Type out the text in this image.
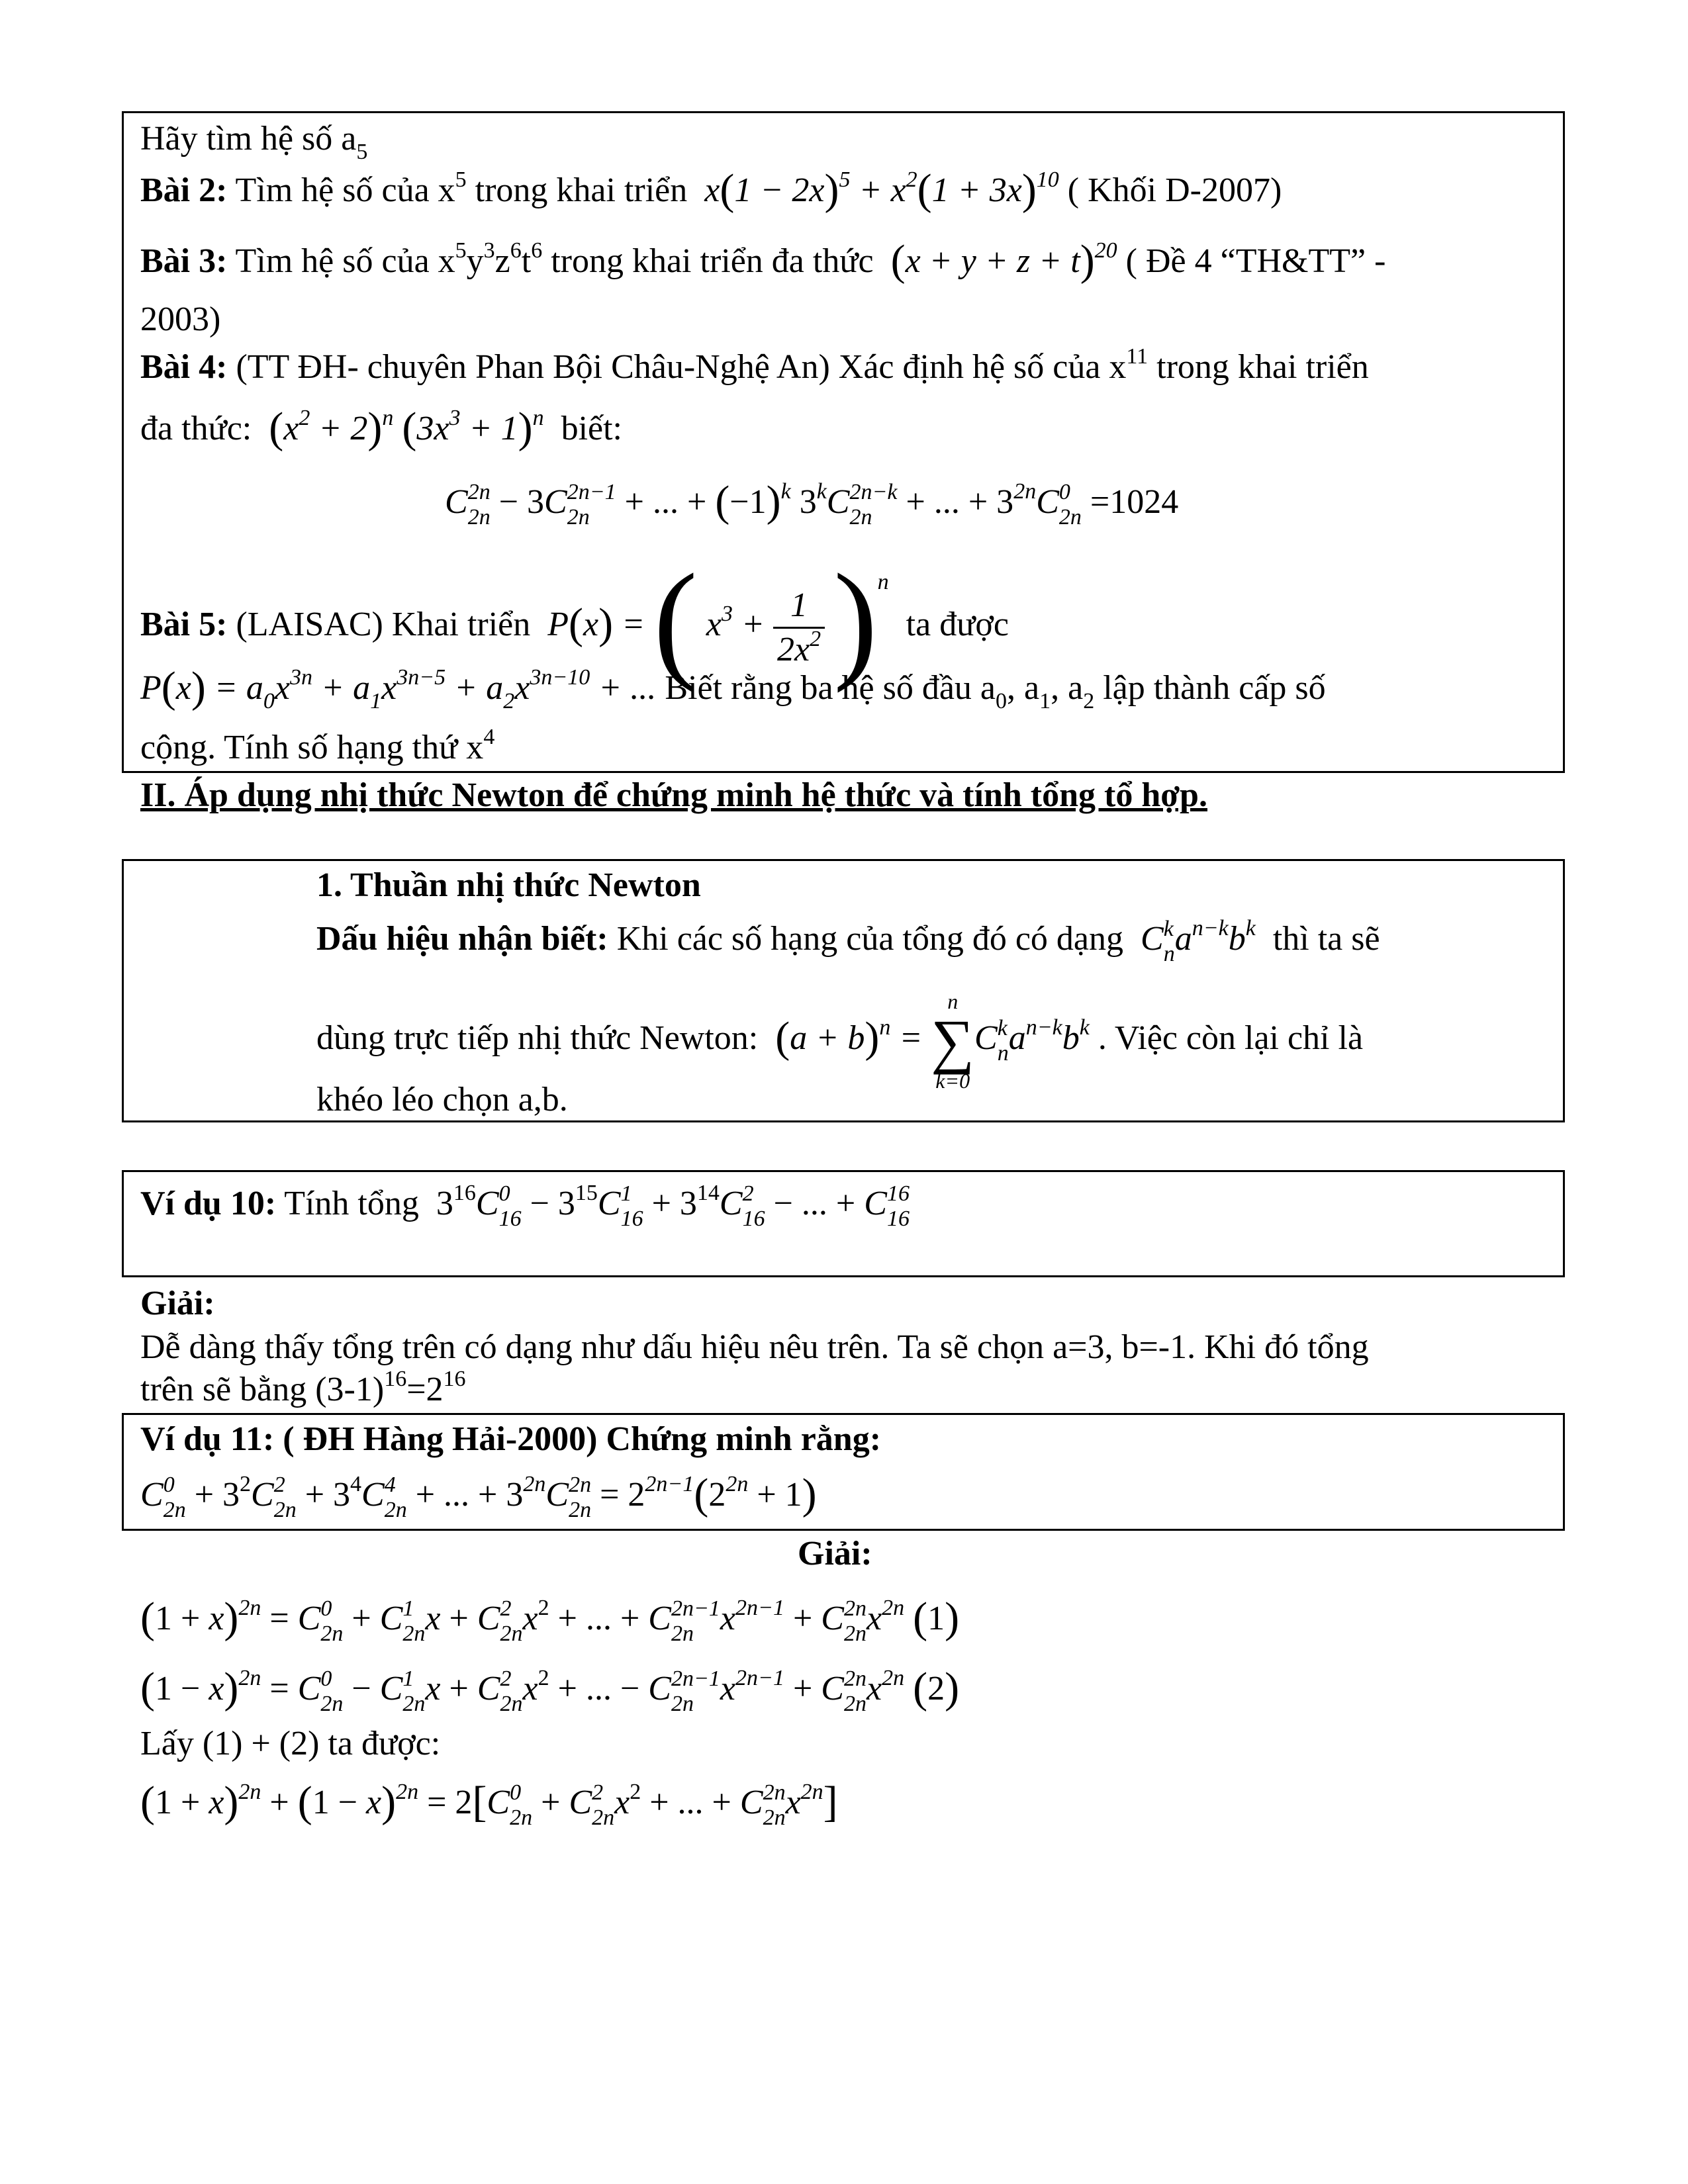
Hãy tìm hệ số $a_5$
Bài 2: Tìm hệ số của $x^5$ trong khai triển $x(1 - 2x)^5 + x^2(1 + 3x)^{10}$ ( Khối D-2007)
Bài 3: Tìm hệ số của $x^5y^3z^6t^6$ trong khai triển đa thức $(x + y + z + t)^{20}$ ( Đề 4 “TH&TT” -
2003)
Bài 4: (TT ĐH- chuyên Phan Bội Châu-Nghệ An) Xác định hệ số của $x^{11}$ trong khai triển
đa thức: $(x^2 + 2)^n$ $(3x^3 + 1)^n$ biết:
C 2n
2n − 3C 2n−1
2n + ... + $(-1)^k$ 3$^k$C 2n−k
2n + ... + $3^{2n}C$ 0
2n =1024
Bài 5: (LAISAC) Khai triển P(x) = ( $x^3 + \frac{1}{2x^2} )^n$  ta được
$P(x) = a_0x^{3n} + a_1x^{3n-5} + a_2x^{3n-10}$ + ... Biết rằng ba hệ số đầu $a_0$, $a_1$, $a_2$ lập thành cấp số
cộng. Tính số hạng thứ $x^4$
II. Áp dụng nhị thức Newton để chứng minh hệ thức và tính tổng tổ hợp.
1. Thuần nhị thức Newton
Dấu hiệu nhận biết: Khi các số hạng của tổng đó có dạng C k
n $a^{n-k}b^k$ thì ta sẽ
dùng trực tiếp nhị thức Newton: $(a + b)^n$ =
n
∑
k=0
C k
n $a^{n-k}b^k$ . Việc còn lại chỉ là
khéo léo chọn a,b.
Ví dụ 10: Tính tổng $3^{16}C$ 0
$16 - 3^{15}C$ 1
$16 + 3^{14}C$ 2
16 − ... + C 16
16
Giải:
Dễ dàng thấy tổng trên có dạng như dấu hiệu nêu trên. Ta sẽ chọn a=3, b=-1. Khi đó tổng
trên sẽ bằng $(3-1)^{16}=2^{16}$
Ví dụ 11: ( ĐH Hàng Hải-2000) Chứng minh rằng:
C 0
$2n + 3^2C$ 2
$2n + 3^4C$ 4
2n + ... + $3^{2n}C$ 2n
$2n = 2^{2n-1}(2^{2n} + 1)$
Giải:
$(1 + x)^{2n} = C$ 0
2n + C 1
2n x + C 2
2n $x^2$ + ... + C 2n−1
2n $x^{2n-1} + C$ 2n
2n $x^{2n}$ (1)
$(1 - x)^{2n} = C$ 0
2n − C 1
2n x + C 2
2n $x^2$ + ... − C 2n−1
2n $x^{2n-1} + C$ 2n
2n $x^{2n}$ (2)
Lấy (1) + (2) ta được:
$(1 + x)^{2n} + (1 - x)^{2n} = 2[C$ 0
2n + C 2
2n $x^2$ + ... + C 2n
2n $x^{2n}$]
